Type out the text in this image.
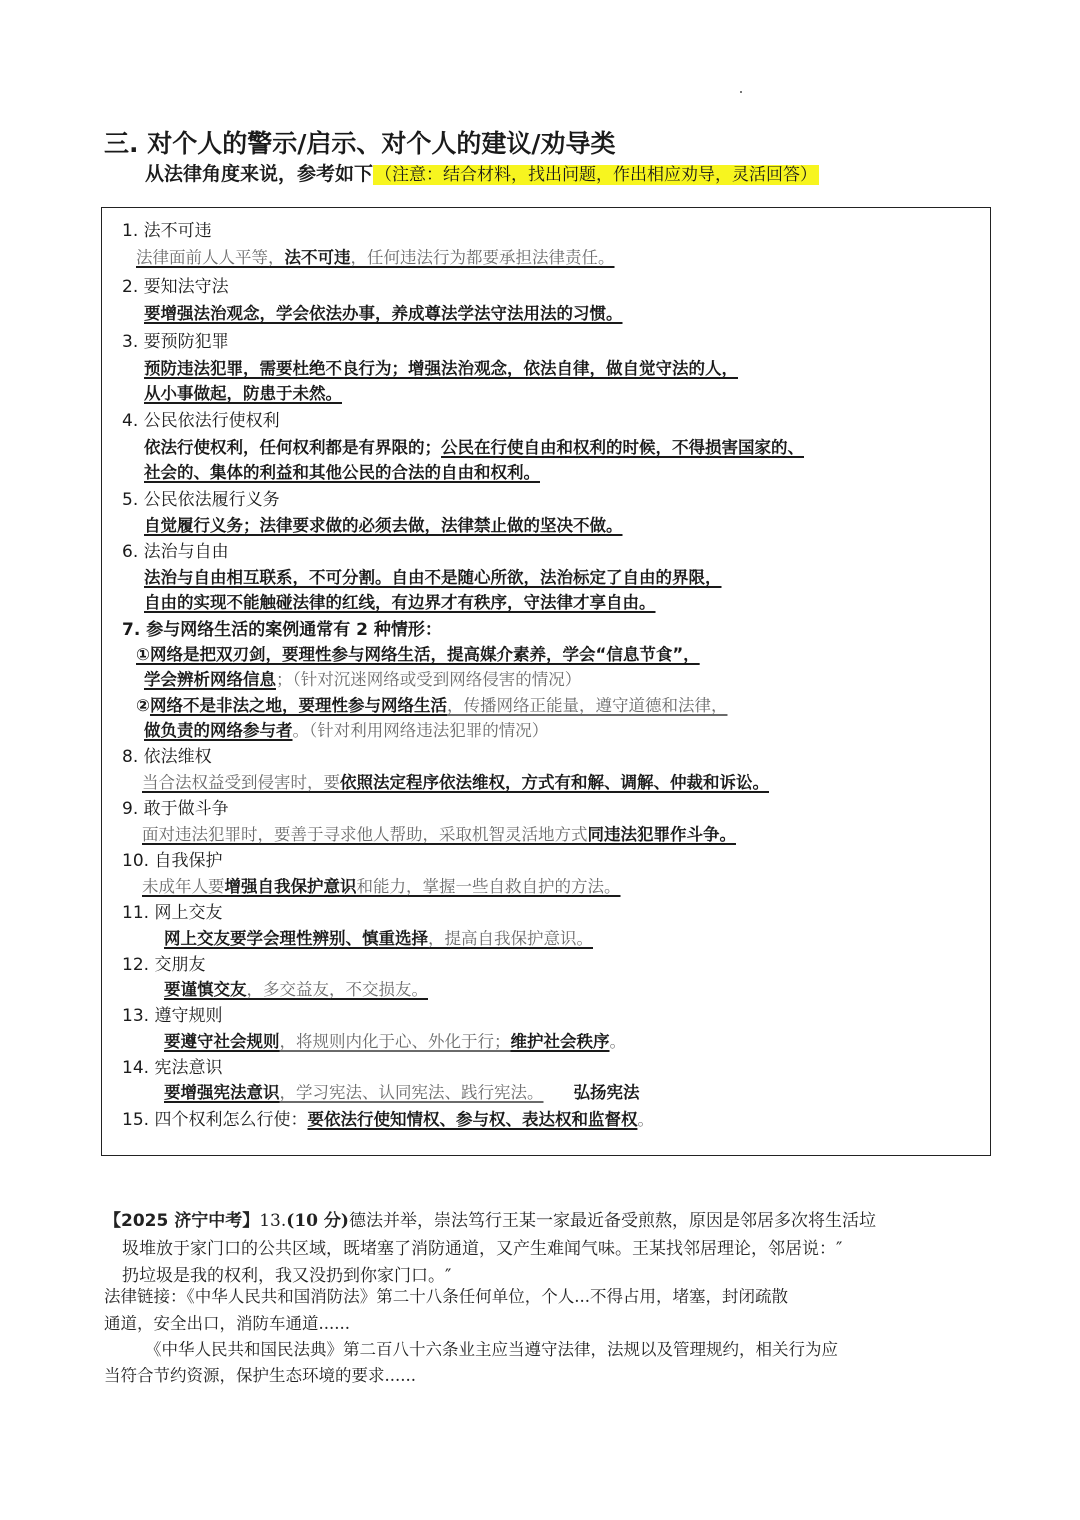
三. 对个人的警示/启示、对个人的建议/劝导类
从法律角度来说，参考如下 （注意：结合材料，找出问题，作出相应劝导，灵活回答）
1. 法不可违
法律面前人人平等，法不可违，任何违法行为都要承担法律责任。
2. 要知法守法
要增强法治观念，学会依法办事，养成尊法学法守法用法的习惯。
3. 要预防犯罪
预防违法犯罪，需要杜绝不良行为；增强法治观念，依法自律，做自觉守法的人，
从小事做起，防患于未然。
4. 公民依法行使权利
依法行使权利，任何权利都是有界限的；公民在行使自由和权利的时候，不得损害国家的、
社会的、集体的利益和其他公民的合法的自由和权利。
5. 公民依法履行义务
自觉履行义务；法律要求做的必须去做，法律禁止做的坚决不做。
6. 法治与自由
法治与自由相互联系，不可分割。自由不是随心所欲，法治标定了自由的界限，
自由的实现不能触碰法律的红线，有边界才有秩序，守法律才享自由。
7. 参与网络生活的案例通常有 2 种情形：
①网络是把双刃剑，要理性参与网络生活，提高媒介素养，学会“信息节食”，
学会辨析网络信息；（针对沉迷网络或受到网络侵害的情况）
②网络不是非法之地，要理性参与网络生活，传播网络正能量，遵守道德和法律，
做负责的网络参与者。（针对利用网络违法犯罪的情况）
8. 依法维权
当合法权益受到侵害时，要依照法定程序依法维权，方式有和解、调解、仲裁和诉讼。
9. 敢于做斗争
面对违法犯罪时，要善于寻求他人帮助，采取机智灵活地方式同违法犯罪作斗争。
10. 自我保护
未成年人要增强自我保护意识和能力，掌握一些自救自护的方法。
11. 网上交友
网上交友要学会理性辨别、慎重选择，提高自我保护意识。
12. 交朋友
要谨慎交友，多交益友，不交损友。
13. 遵守规则
要遵守社会规则，将规则内化于心、外化于行；维护社会秩序。
14. 宪法意识
要增强宪法意识，学习宪法、认同宪法、践行宪法。 弘扬宪法
15. 四个权利怎么行使：要依法行使知情权、参与权、表达权和监督权。
【2025 济宁中考】13.(10 分)德法并举，崇法笃行王某一家最近备受煎熬，原因是邻居多次将生活垃
圾堆放于家门口的公共区域，既堵塞了消防通道，又产生难闻气味。王某找邻居理论，邻居说：″
扔垃圾是我的权利，我又没扔到你家门口。″
法律链接：《中华人民共和国消防法》第二十八条任何单位，个人...不得占用，堵塞，封闭疏散
通道，安全出口，消防车通道......
《中华人民共和国民法典》第二百八十六条业主应当遵守法律，法规以及管理规约，相关行为应
当符合节约资源，保护生态环境的要求......
